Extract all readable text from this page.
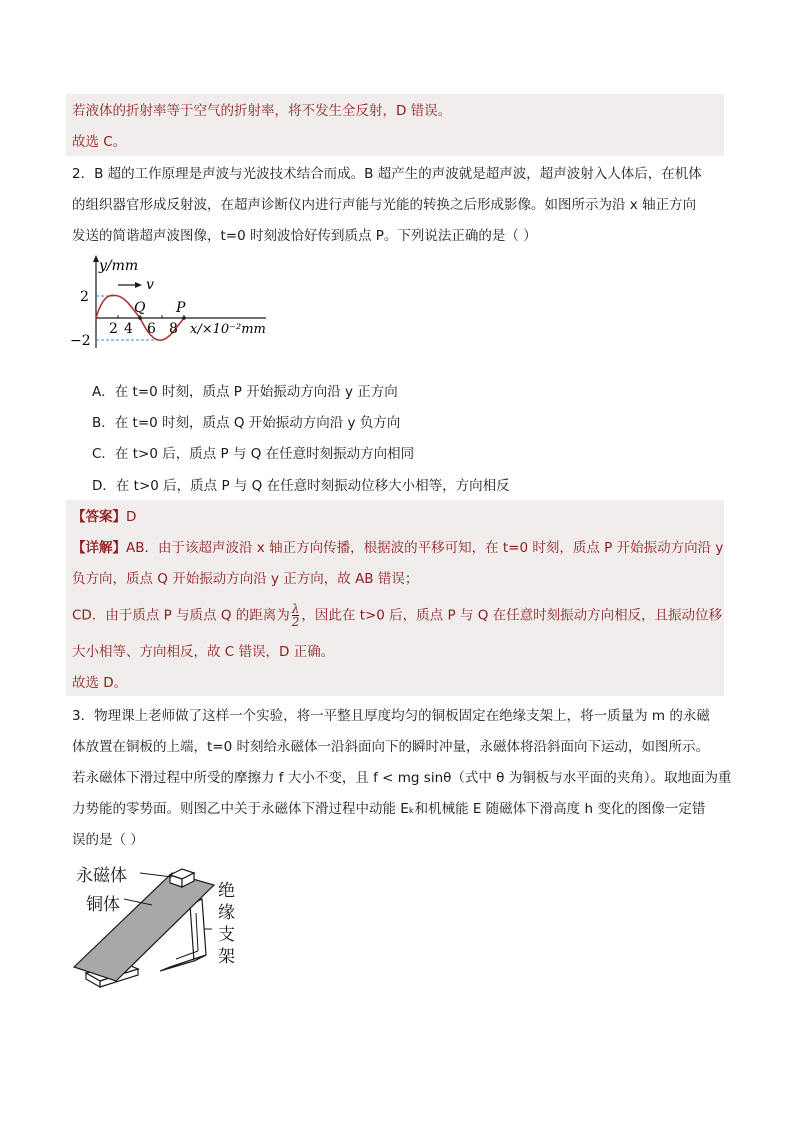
若液体的折射率等于空气的折射率，将不发生全反射，D 错误。
故选 C。
2．B 超的工作原理是声波与光波技术结合而成。B 超产生的声波就是超声波，超声波射入人体后，在机体
的组织器官形成反射波，在超声诊断仪内进行声能与光能的转换之后形成影像。如图所示为沿 x 轴正方向
发送的简谐超声波图像，t=0 时刻波恰好传到质点 P。下列说法正确的是（ ）
y/mm
v
2
−2
2 4 6 8
Q P
x/×10⁻²mm
A．在 t=0 时刻，质点 P 开始振动方向沿 y 正方向
B．在 t=0 时刻，质点 Q 开始振动方向沿 y 负方向
C．在 t>0 后，质点 P 与 Q 在任意时刻振动方向相同
D．在 t>0 后，质点 P 与 Q 在任意时刻振动位移大小相等，方向相反
【答案】D
【详解】AB．由于该超声波沿 x 轴正方向传播，根据波的平移可知，在 t=0 时刻，质点 P 开始振动方向沿 y
负方向，质点 Q 开始振动方向沿 y 正方向，故 AB 错误；
CD．由于质点 P 与质点 Q 的距离为 $\frac{\lambda}{2}$ ，因此在 t>0 后，质点 P 与 Q 在任意时刻振动方向相反，且振动位移
大小相等、方向相反，故 C 错误，D 正确。
故选 D。
3．物理课上老师做了这样一个实验，将一平整且厚度均匀的铜板固定在绝缘支架上，将一质量为 m 的永磁
体放置在铜板的上端，t=0 时刻给永磁体一沿斜面向下的瞬时冲量，永磁体将沿斜面向下运动，如图所示。
若永磁体下滑过程中所受的摩擦力 f 大小不变，且 f < mg sinθ（式中 θ 为铜板与水平面的夹角）。取地面为重
力势能的零势面。则图乙中关于永磁体下滑过程中动能 Eₖ和机械能 E 随磁体下滑高度 h 变化的图像一定错
误的是（ ）
永磁体
铜体
绝
缘
支
架
